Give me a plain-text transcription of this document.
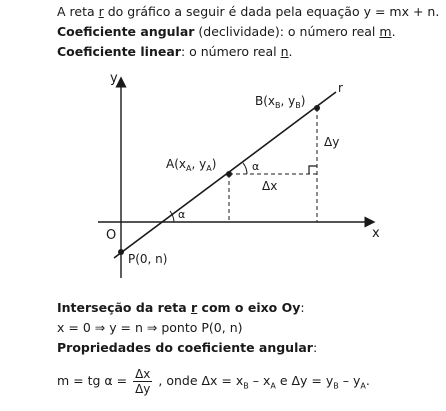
A reta r do gráfico a seguir é dada pela equação y = mx + n.
Coeficiente angular (declividade): o número real m.
Coeficiente linear: o número real n.
y
x
O
r
α
α
$A(x_A$, $y_A$)
$B(x_B$, $y_B$)
P(0, n)
Δx
Δy
Interseção da reta r com o eixo Oy:
x = 0 ⇒ y = n ⇒ ponto P(0, n)
Propriedades do coeficiente angular:
m = tg $\alpha = \frac{\Delta x}{\Delta y}$ , onde $\Delta x = x_B - x_A$ e $\Delta y = y_B - y_A$.
